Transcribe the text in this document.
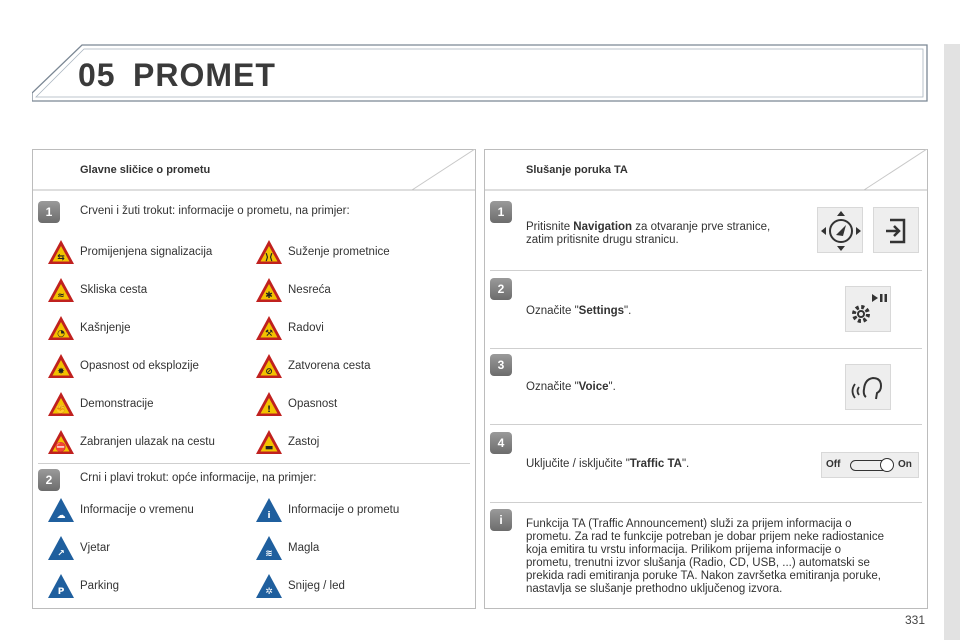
05 PROMET
Glavne sličice o prometu
1	Crveni i žuti trokut: informacije o prometu, na primjer:
⇆ Promijenjena signalizacija	⟩⟨ Suženje prometnice
≈ Skliska cesta	✱ Nesreća
◔ Kašnjenje	⚒ Radovi
✸ Opasnost od eksplozije	⊘ Zatvorena cesta
✊ Demonstracije	! Opasnost
⛔ Zabranjen ulazak na cestu	▬ Zastoj
2	Crni i plavi trokut: opće informacije, na primjer:
☁ Informacije o vremenu	i Informacije o prometu
↗ Vjetar	≋ Magla
P Parking	✲ Snijeg / led
Slušanje poruka TA
1
Pritisnite Navigation za otvaranje prve stranice,
zatim pritisnite drugu stranicu.
2
Označite "Settings".
3
Označite "Voice".
4
Uključite / isključite "Traffic TA".	Off	On
i	Funkcija TA (Traffic Announcement) služi za prijem informacija o
prometu. Za rad te funkcije potreban je dobar prijem neke radiostanice
koja emitira tu vrstu informacija. Prilikom prijema informacije o
prometu, trenutni izvor slušanja (Radio, CD, USB, ...) automatski se
prekida radi emitiranja poruke TA. Nakon završetka emitiranja poruke,
nastavlja se slušanje prethodno uključenog izvora.
331
